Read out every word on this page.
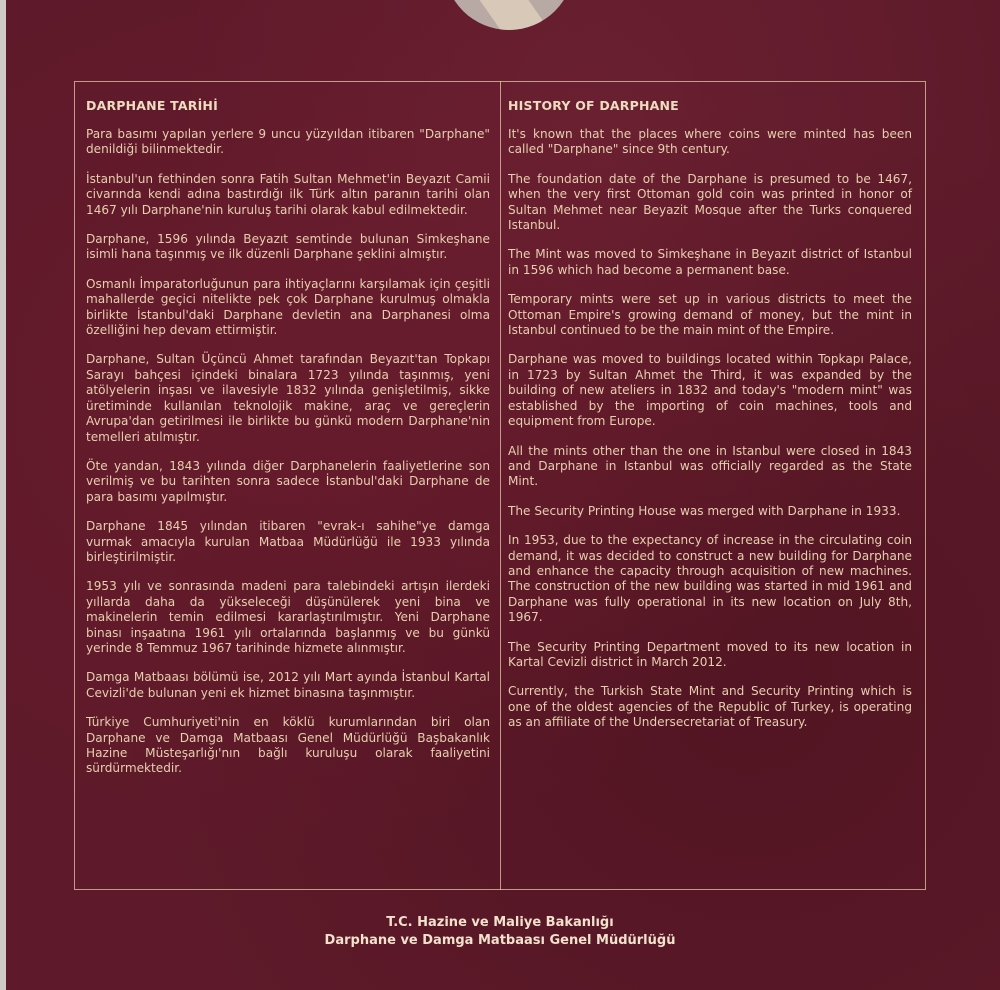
DARPHANE TARİHİ

Para basımı yapılan yerlere 9 uncu yüzyıldan itibaren "Darphane" denildiği bilinmektedir.

İstanbul'un fethinden sonra Fatih Sultan Mehmet'in Beyazıt Camii civarında kendi adına bastırdığı ilk Türk altın paranın tarihi olan 1467 yılı Darphane'nin kuruluş tarihi olarak kabul edilmektedir.

Darphane, 1596 yılında Beyazıt semtinde bulunan Simkeşhane isimli hana taşınmış ve ilk düzenli Darphane şeklini almıştır.

Osmanlı İmparatorluğunun para ihtiyaçlarını karşılamak için çeşitli mahallerde geçici nitelikte pek çok Darphane kurulmuş olmakla birlikte İstanbul'daki Darphane devletin ana Darphanesi olma özelliğini hep devam ettirmiştir.

Darphane, Sultan Üçüncü Ahmet tarafından Beyazıt'tan Topkapı Sarayı bahçesi içindeki binalara 1723 yılında taşınmış, yeni atölyelerin inşası ve ilavesiyle 1832 yılında genişletilmiş, sikke üretiminde kullanılan teknolojik makine, araç ve gereçlerin Avrupa'dan getirilmesi ile birlikte bu günkü modern Darphane'nin temelleri atılmıştır.

Öte yandan, 1843 yılında diğer Darphanelerin faaliyetlerine son verilmiş ve bu tarihten sonra sadece İstanbul'daki Darphane de para basımı yapılmıştır.

Darphane 1845 yılından itibaren "evrak-ı sahihe"ye damga vurmak amacıyla kurulan Matbaa Müdürlüğü ile 1933 yılında birleştirilmiştir.

1953 yılı ve sonrasında madeni para talebindeki artışın ilerdeki yıllarda daha da yükseleceği düşünülerek yeni bina ve makinelerin temin edilmesi kararlaştırılmıştır. Yeni Darphane binası inşaatına 1961 yılı ortalarında başlanmış ve bu günkü yerinde 8 Temmuz 1967 tarihinde hizmete alınmıştır.

Damga Matbaası bölümü ise, 2012 yılı Mart ayında İstanbul Kartal Cevizli'de bulunan yeni ek hizmet binasına taşınmıştır.

Türkiye Cumhuriyeti'nin en köklü kurumlarından biri olan Darphane ve Damga Matbaası Genel Müdürlüğü Başbakanlık Hazine Müsteşarlığı'nın bağlı kuruluşu olarak faaliyetini sürdürmektedir.

HISTORY OF DARPHANE

It's known that the places where coins were minted has been called "Darphane" since 9th century.

The foundation date of the Darphane is presumed to be 1467, when the very first Ottoman gold coin was printed in honor of Sultan Mehmet near Beyazit Mosque after the Turks conquered Istanbul.

The Mint was moved to Simkeşhane in Beyazıt district of Istanbul in 1596 which had become a permanent base.

Temporary mints were set up in various districts to meet the Ottoman Empire's growing demand of money, but the mint in Istanbul continued to be the main mint of the Empire.

Darphane was moved to buildings located within Topkapı Palace, in 1723 by Sultan Ahmet the Third, it was expanded by the building of new ateliers in 1832 and today's "modern mint" was established by the importing of coin machines, tools and equipment from Europe.

All the mints other than the one in Istanbul were closed in 1843 and Darphane in Istanbul was officially regarded as the State Mint.

The Security Printing House was merged with Darphane in 1933.

In 1953, due to the expectancy of increase in the circulating coin demand, it was decided to construct a new building for Darphane and enhance the capacity through acquisition of new machines. The construction of the new building was started in mid 1961 and Darphane was fully operational in its new location on July 8th, 1967.

The Security Printing Department moved to its new location in Kartal Cevizli district in March 2012.

Currently, the Turkish State Mint and Security Printing which is one of the oldest agencies of the Republic of Turkey, is operating as an affiliate of the Undersecretariat of Treasury.

T.C. Hazine ve Maliye Bakanlığı
Darphane ve Damga Matbaası Genel Müdürlüğü
